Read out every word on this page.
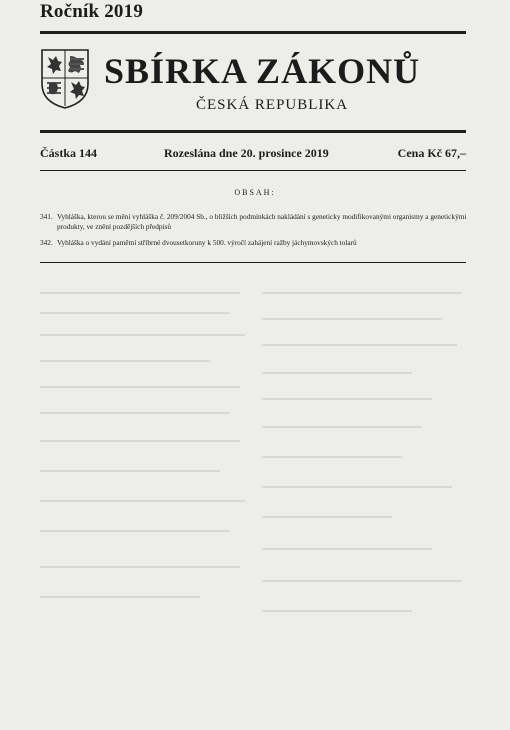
Ročník 2019
SBÍRKA ZÁKONŮ
ČESKÁ REPUBLIKA
Částka 144	Rozeslána dne 20. prosince 2019	Cena Kč 67,–
OBSAH:
341. Vyhláška, kterou se mění vyhláška č. 209/2004 Sb., o bližších podmínkách nakládání s geneticky modifikovanými organismy a genetickými produkty, ve znění pozdějších předpisů
342. Vyhláška o vydání pamětní stříbrné dvousetkoruny k 500. výročí zahájení ražby jáchymovských tolarů
